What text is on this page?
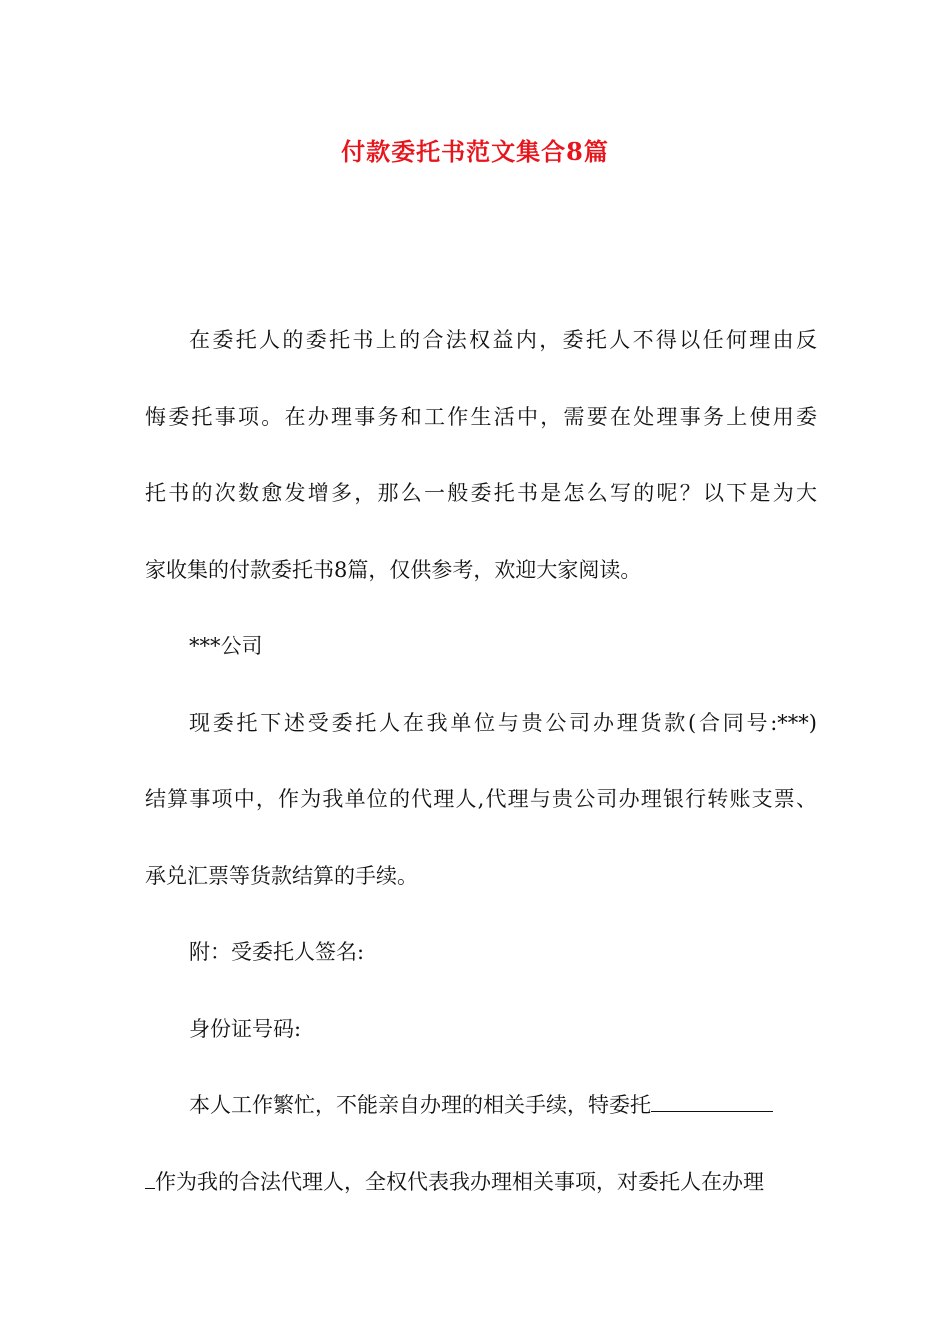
付款委托书范文集合8篇
在委托人的委托书上的合法权益内，委托人不得以任何理由反
悔委托事项。在办理事务和工作生活中，需要在处理事务上使用委
托书的次数愈发增多，那么一般委托书是怎么写的呢？以下是为大
家收集的付款委托书8篇，仅供参考，欢迎大家阅读。
***公司
现委托下述受委托人在我单位与贵公司办理货款(合同号:***)
结算事项中，作为我单位的代理人,代理与贵公司办理银行转账支票、
承兑汇票等货款结算的手续。
附：受委托人签名:
身份证号码:
本人工作繁忙，不能亲自办理的相关手续，特委托
作为我的合法代理人，全权代表我办理相关事项，对委托人在办理
